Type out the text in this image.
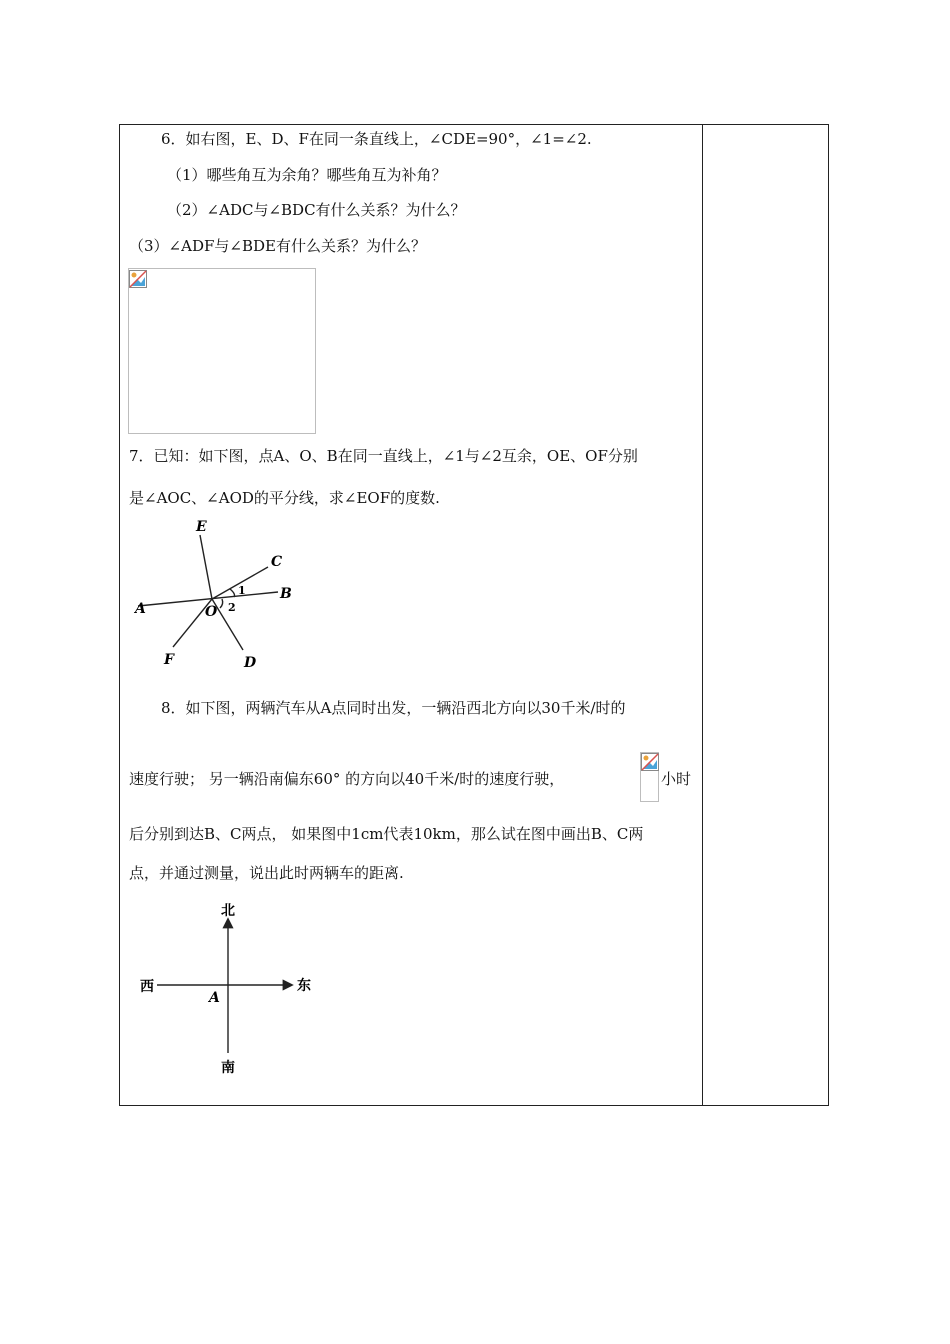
6．如右图，E、D、F在同一条直线上，∠CDE=90°，∠1=∠2.
（1）哪些角互为余角？哪些角互为补角？
（2）∠ADC与∠BDC有什么关系？为什么？
（3）∠ADF与∠BDE有什么关系？为什么？
7．已知：如下图，点A、O、B在同一直线上，∠1与∠2互余，OE、OF分别
是∠AOC、∠AOD的平分线，求∠EOF的度数.
E
C
B
A	O
F	D
1
2
8．如下图，两辆汽车从A点同时出发，一辆沿西北方向以30千米/时的
速度行驶； 另一辆沿南偏东60° 的方向以40千米/时的速度行驶，	小时
后分别到达B、C两点， 如果图中1cm代表10km，那么试在图中画出B、C两
点，并通过测量，说出此时两辆车的距离.
北
南
西	东
A
